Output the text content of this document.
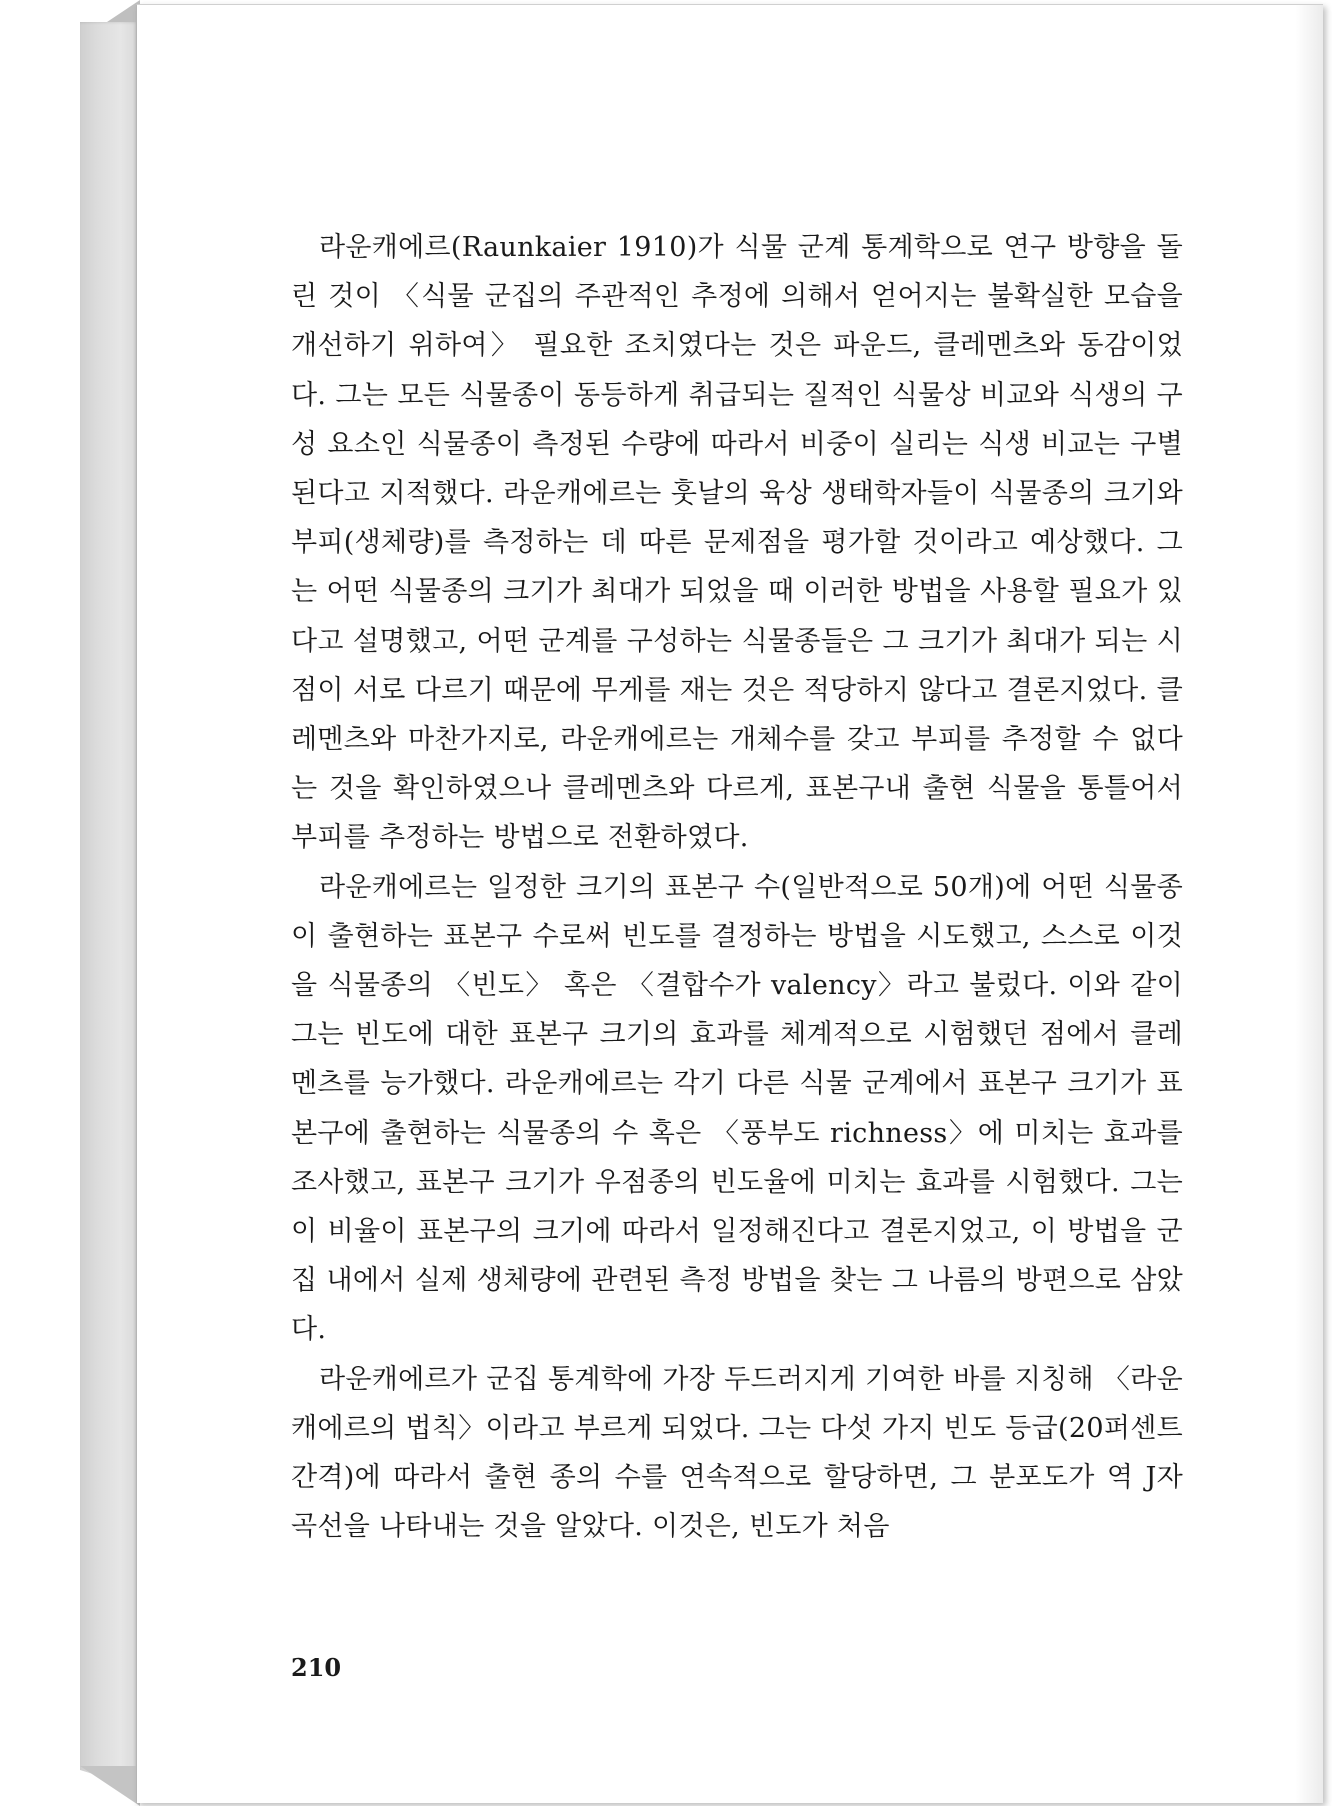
라운캐에르(Raunkaier 1910)가 식물 군계 통계학으로 연구 방향을 돌린 것이 〈식물 군집의 주관적인 추정에 의해서 얻어지는 불확실한 모습을 개선하기 위하여〉 필요한 조치였다는 것은 파운드, 클레멘츠와 동감이었다. 그는 모든 식물종이 동등하게 취급되는 질적인 식물상 비교와 식생의 구성 요소인 식물종이 측정된 수량에 따라서 비중이 실리는 식생 비교는 구별된다고 지적했다. 라운캐에르는 훗날의 육상 생태학자들이 식물종의 크기와 부피(생체량)를 측정하는 데 따른 문제점을 평가할 것이라고 예상했다. 그는 어떤 식물종의 크기가 최대가 되었을 때 이러한 방법을 사용할 필요가 있다고 설명했고, 어떤 군계를 구성하는 식물종들은 그 크기가 최대가 되는 시점이 서로 다르기 때문에 무게를 재는 것은 적당하지 않다고 결론지었다. 클레멘츠와 마찬가지로, 라운캐에르는 개체수를 갖고 부피를 추정할 수 없다는 것을 확인하였으나 클레멘츠와 다르게, 표본구내 출현 식물을 통틀어서 부피를 추정하는 방법으로 전환하였다.

라운캐에르는 일정한 크기의 표본구 수(일반적으로 50개)에 어떤 식물종이 출현하는 표본구 수로써 빈도를 결정하는 방법을 시도했고, 스스로 이것을 식물종의 〈빈도〉 혹은 〈결합수가 valency〉라고 불렀다. 이와 같이 그는 빈도에 대한 표본구 크기의 효과를 체계적으로 시험했던 점에서 클레멘츠를 능가했다. 라운캐에르는 각기 다른 식물 군계에서 표본구 크기가 표본구에 출현하는 식물종의 수 혹은 〈풍부도 richness〉에 미치는 효과를 조사했고, 표본구 크기가 우점종의 빈도율에 미치는 효과를 시험했다. 그는 이 비율이 표본구의 크기에 따라서 일정해진다고 결론지었고, 이 방법을 군집 내에서 실제 생체량에 관련된 측정 방법을 찾는 그 나름의 방편으로 삼았다.

라운캐에르가 군집 통계학에 가장 두드러지게 기여한 바를 지칭해 〈라운캐에르의 법칙〉이라고 부르게 되었다. 그는 다섯 가지 빈도 등급(20퍼센트 간격)에 따라서 출현 종의 수를 연속적으로 할당하면, 그 분포도가 역 J자 곡선을 나타내는 것을 알았다. 이것은, 빈도가 처음

210
